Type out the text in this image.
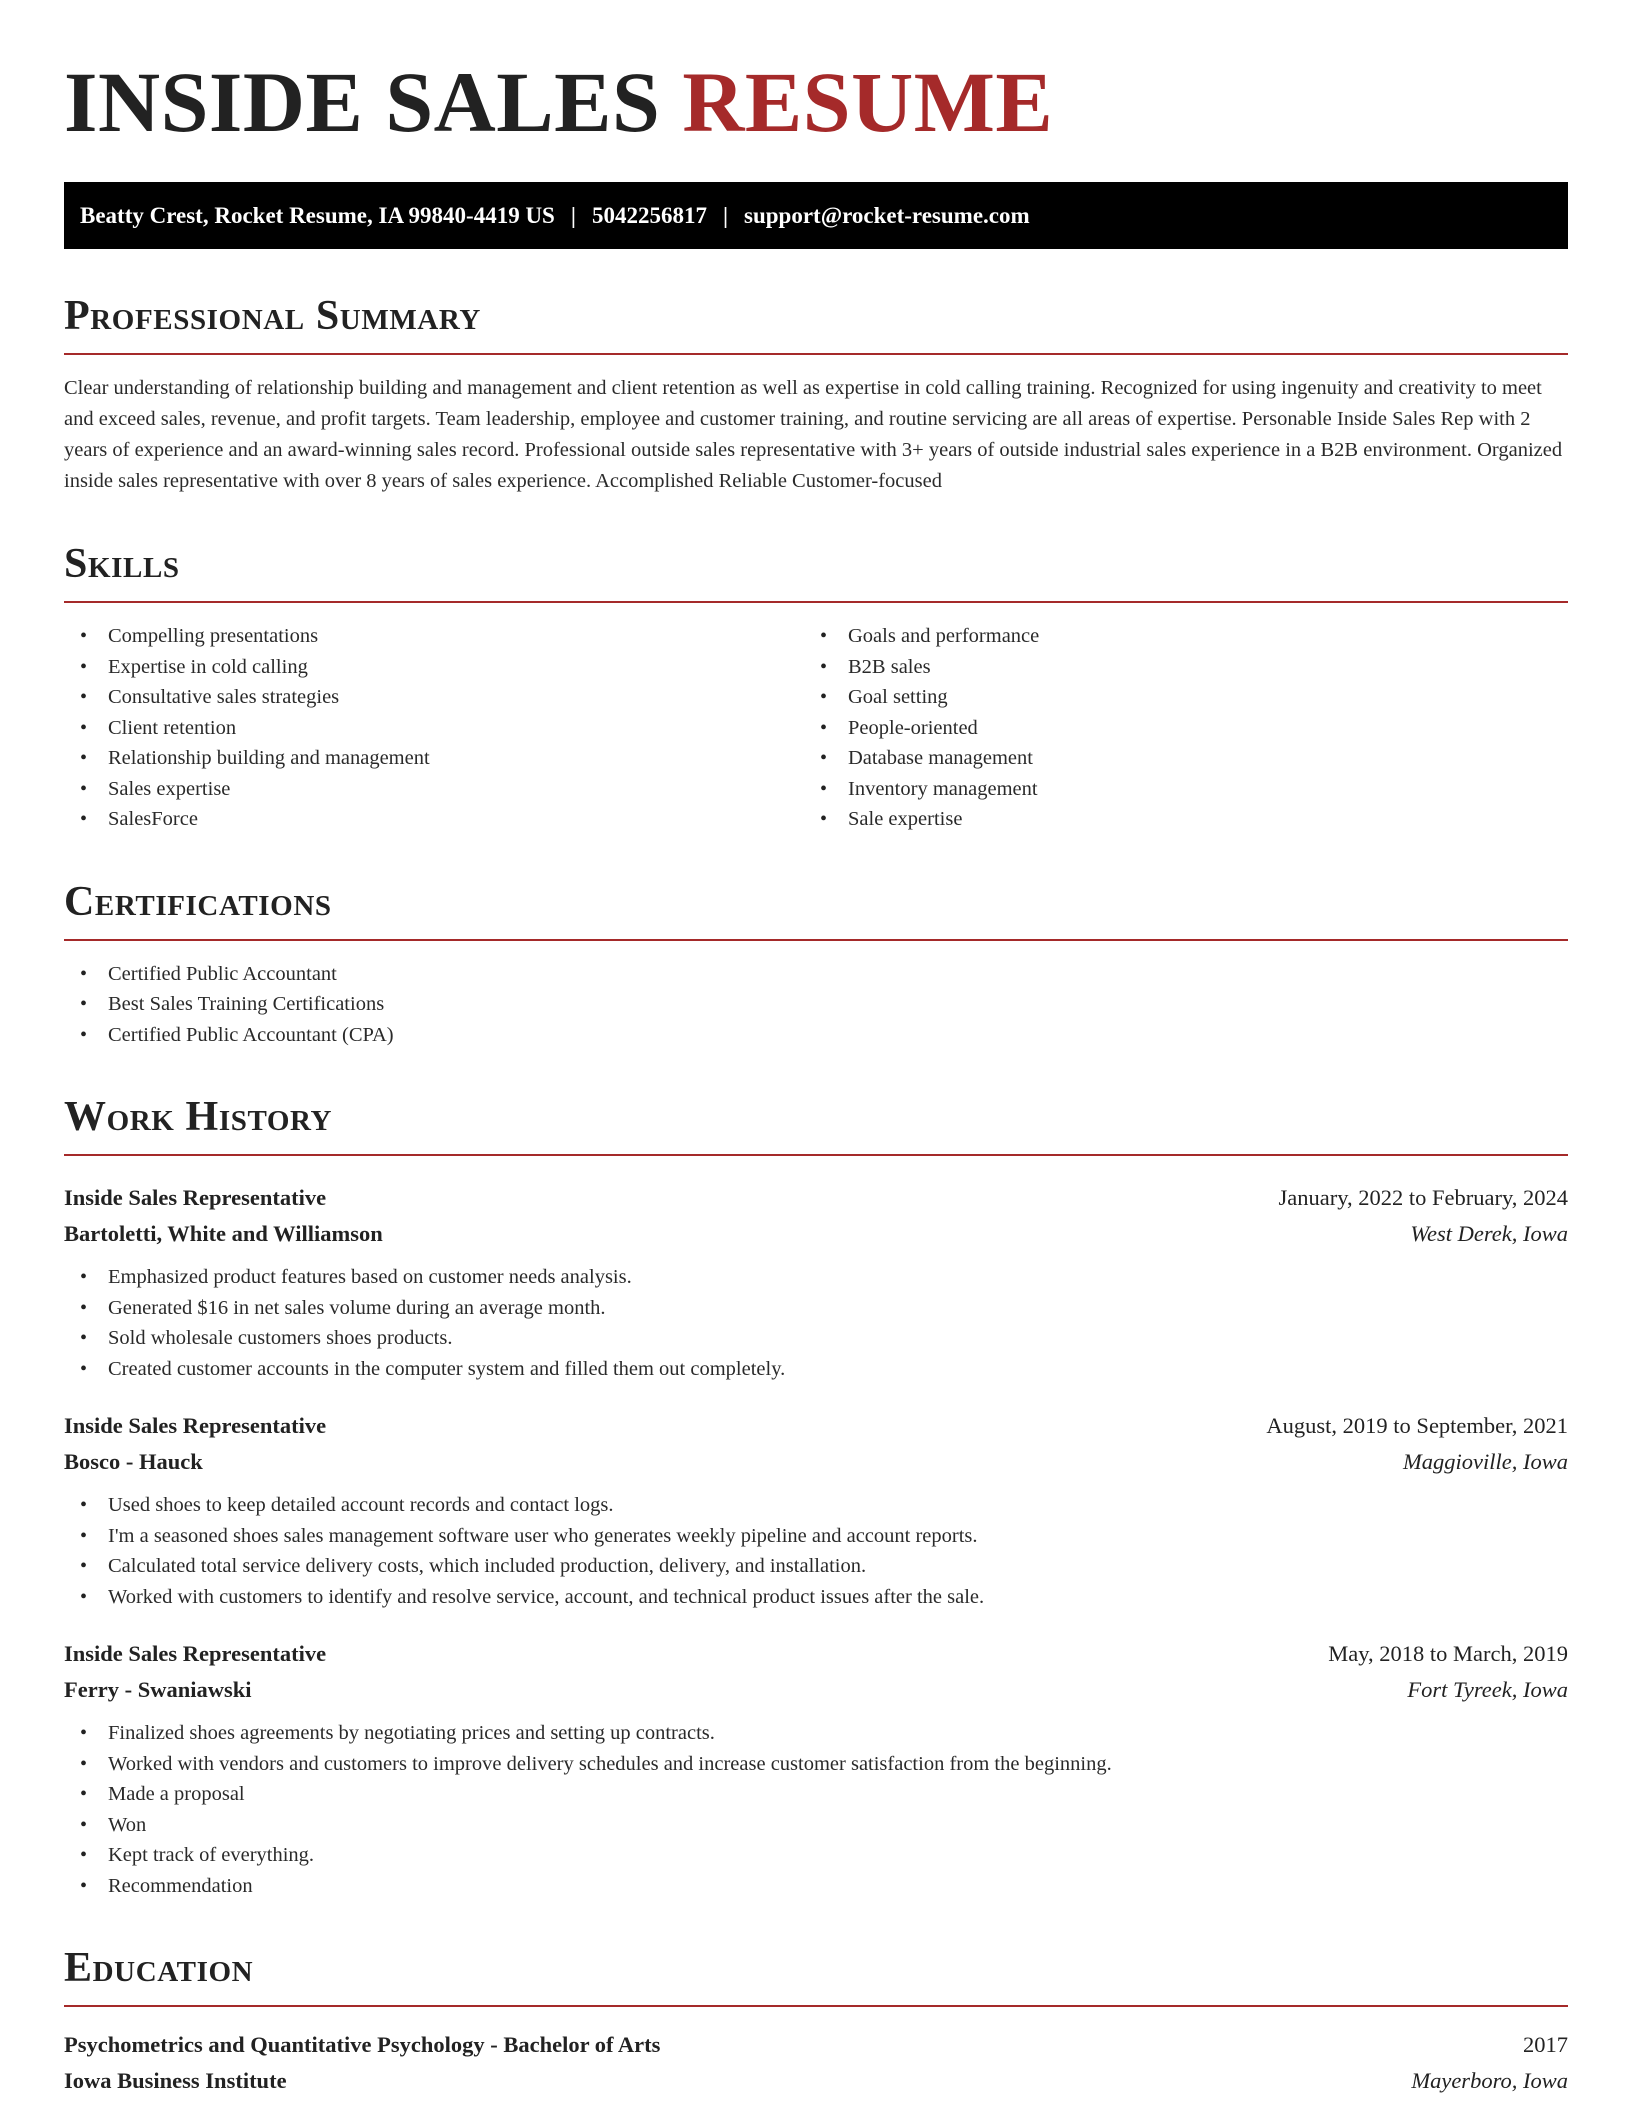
INSIDE SALES RESUME
Beatty Crest, Rocket Resume, IA 99840-4419 US | 5042256817 | support@rocket-resume.com
Professional Summary

Clear understanding of relationship building and management and client retention as well as expertise in cold calling training. Recognized for using ingenuity and creativity to meet and exceed sales, revenue, and profit targets. Team leadership, employee and customer training, and routine servicing are all areas of expertise. Personable Inside Sales Rep with 2 years of experience and an award-winning sales record. Professional outside sales representative with 3+ years of outside industrial sales experience in a B2B environment. Organized inside sales representative with over 8 years of sales experience. Accomplished Reliable Customer-focused

Skills
• Compelling presentations
• Expertise in cold calling
• Consultative sales strategies
• Client retention
• Relationship building and management
• Sales expertise
• SalesForce
• Goals and performance
• B2B sales
• Goal setting
• People-oriented
• Database management
• Inventory management
• Sale expertise
Certifications
• Certified Public Accountant
• Best Sales Training Certifications
• Certified Public Accountant (CPA)
Work History
Inside Sales Representative	January, 2022 to February, 2024
Bartoletti, White and Williamson	West Derek, Iowa
• Emphasized product features based on customer needs analysis.
• Generated $16 in net sales volume during an average month.
• Sold wholesale customers shoes products.
• Created customer accounts in the computer system and filled them out completely.
Inside Sales Representative	August, 2019 to September, 2021
Bosco - Hauck	Maggioville, Iowa
• Used shoes to keep detailed account records and contact logs.
• I'm a seasoned shoes sales management software user who generates weekly pipeline and account reports.
• Calculated total service delivery costs, which included production, delivery, and installation.
• Worked with customers to identify and resolve service, account, and technical product issues after the sale.
Inside Sales Representative	May, 2018 to March, 2019
Ferry - Swaniawski	Fort Tyreek, Iowa
• Finalized shoes agreements by negotiating prices and setting up contracts.
• Worked with vendors and customers to improve delivery schedules and increase customer satisfaction from the beginning.
• Made a proposal
• Won
• Kept track of everything.
• Recommendation
Education
Psychometrics and Quantitative Psychology - Bachelor of Arts	2017
Iowa Business Institute	Mayerboro, Iowa
